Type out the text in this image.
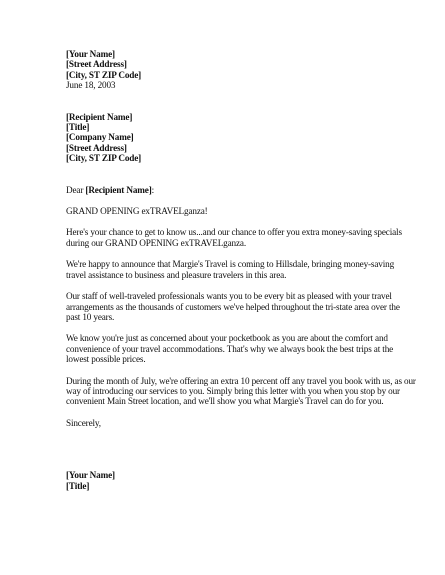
[Your Name]
[Street Address]
[City, ST ZIP Code]
June 18, 2003
[Recipient Name]
[Title]
[Company Name]
[Street Address]
[City, ST ZIP Code]
Dear [Recipient Name]:

GRAND OPENING exTRAVELganza!

Here's your chance to get to know us...and our chance to offer you extra money-saving specials during our GRAND OPENING exTRAVELganza.

We're happy to announce that Margie's Travel is coming to Hillsdale, bringing money-saving travel assistance to business and pleasure travelers in this area.

Our staff of well-traveled professionals wants you to be every bit as pleased with your travel arrangements as the thousands of customers we've helped throughout the tri-state area over the past 10 years.

We know you're just as concerned about your pocketbook as you are about the comfort and convenience of your travel accommodations. That's why we always book the best trips at the lowest possible prices.

During the month of July, we're offering an extra 10 percent off any travel you book with us, as our way of introducing our services to you. Simply bring this letter with you when you stop by our convenient Main Street location, and we'll show you what Margie's Travel can do for you.

Sincerely,
[Your Name]
[Title]
